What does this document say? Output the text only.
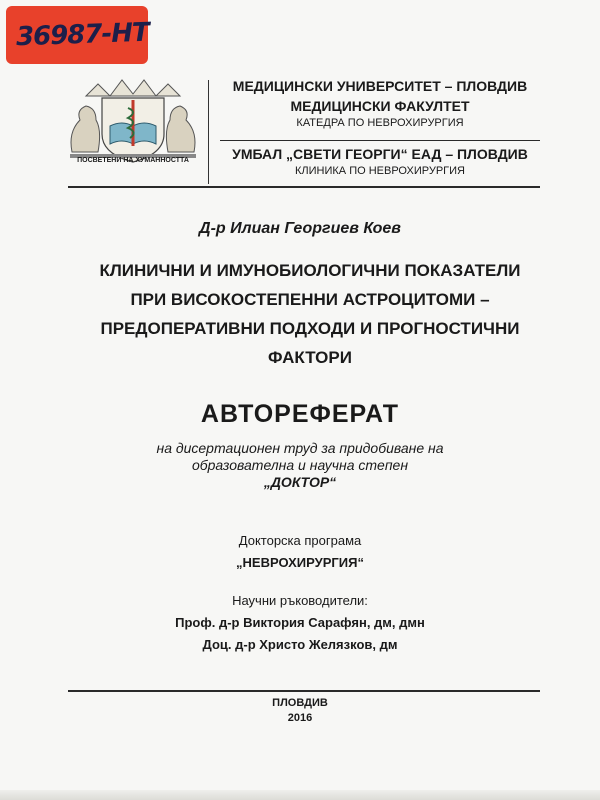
36987-НТ
ПОСВЕТЕНИ НА ХУМАННОСТТА
МЕДИЦИНСКИ УНИВЕРСИТЕТ – ПЛОВДИВ
МЕДИЦИНСКИ ФАКУЛТЕТ
КАТЕДРА ПО НЕВРОХИРУРГИЯ
УМБАЛ „СВЕТИ ГЕОРГИ“ ЕАД – ПЛОВДИВ
КЛИНИКА ПО НЕВРОХИРУРГИЯ
Д-р Илиан Георгиев Коев
КЛИНИЧНИ И ИМУНОБИОЛОГИЧНИ ПОКАЗАТЕЛИ
ПРИ ВИСОКОСТЕПЕННИ АСТРОЦИТОМИ –
ПРЕДОПЕРАТИВНИ ПОДХОДИ И ПРОГНОСТИЧНИ
ФАКТОРИ
АВТОРЕФЕРАТ
на дисертационен труд за придобиване на
образователна и научна степен
„ДОКТОР“
Докторска програма
„НЕВРОХИРУРГИЯ“
Научни ръководители:
Проф. д-р Виктория Сарафян, дм, дмн
Доц. д-р Христо Желязков, дм
ПЛОВДИВ
2016
